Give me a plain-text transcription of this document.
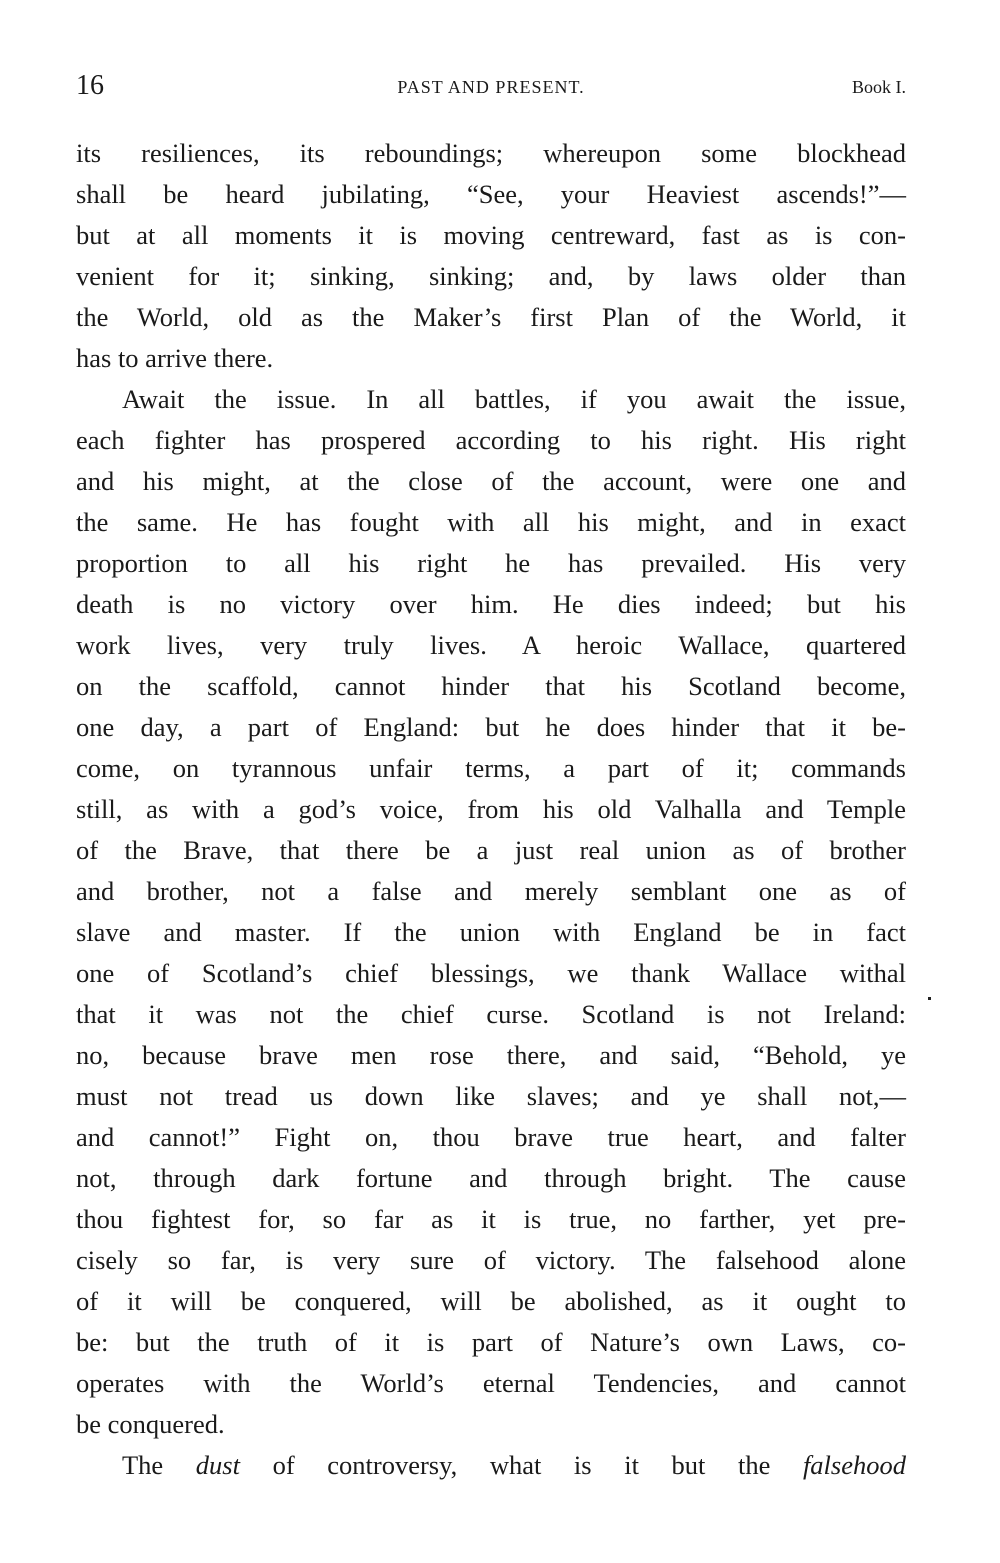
16	PAST AND PRESENT.	Book I.
its resiliences, its reboundings; whereupon some blockhead
shall be heard jubilating, “See, your Heaviest ascends!”—
but at all moments it is moving centreward, fast as is con-
venient for it; sinking, sinking; and, by laws older than
the World, old as the Maker’s first Plan of the World, it
has to arrive there.
Await the issue. In all battles, if you await the issue,
each fighter has prospered according to his right. His right
and his might, at the close of the account, were one and
the same. He has fought with all his might, and in exact
proportion to all his right he has prevailed. His very
death is no victory over him. He dies indeed; but his
work lives, very truly lives. A heroic Wallace, quartered
on the scaffold, cannot hinder that his Scotland become,
one day, a part of England: but he does hinder that it be-
come, on tyrannous unfair terms, a part of it; commands
still, as with a god’s voice, from his old Valhalla and Temple
of the Brave, that there be a just real union as of brother
and brother, not a false and merely semblant one as of
slave and master. If the union with England be in fact
one of Scotland’s chief blessings, we thank Wallace withal
that it was not the chief curse. Scotland is not Ireland:
no, because brave men rose there, and said, “Behold, ye
must not tread us down like slaves; and ye shall not,—
and cannot!” Fight on, thou brave true heart, and falter
not, through dark fortune and through bright. The cause
thou fightest for, so far as it is true, no farther, yet pre-
cisely so far, is very sure of victory. The falsehood alone
of it will be conquered, will be abolished, as it ought to
be: but the truth of it is part of Nature’s own Laws, co-
operates with the World’s eternal Tendencies, and cannot
be conquered.
The dust of controversy, what is it but the falsehood
